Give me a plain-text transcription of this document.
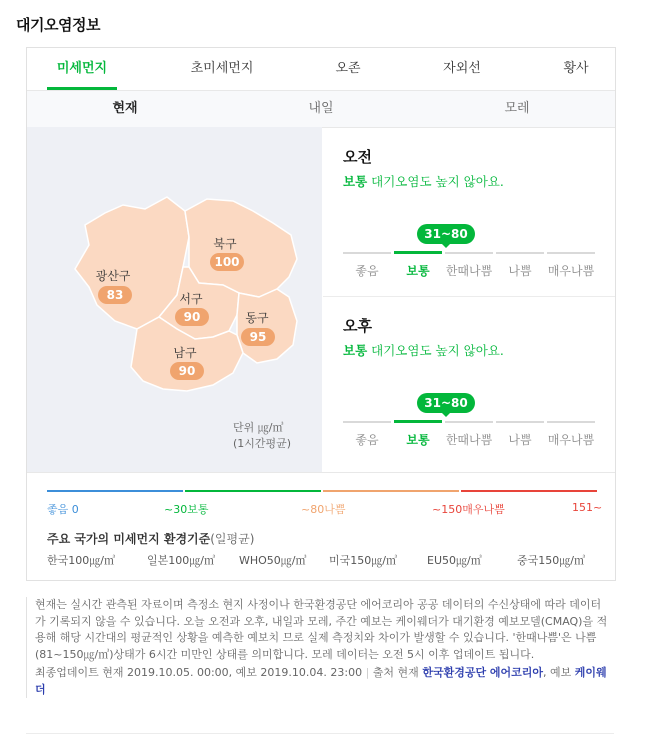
대기오염정보
미세먼지	초미세먼지	오존	자외선	황사
현재	내일	모레
광산구
83
북구
100
서구
90	동구
95
남구
90
단위 ㎍/㎥
(1시간평균)
오전
보통 대기오염도 높지 않아요.
31~80
좋음	보통	한때나쁨	나쁨	매우나쁨
오후
보통 대기오염도 높지 않아요.
31~80
좋음	보통	한때나쁨	나쁨	매우나쁨
좋음 0	~30보통	~80나쁨	~150매우나쁨	151~
주요 국가의 미세먼지 환경기준(일평균)
한국100㎍/㎥	일본100㎍/㎥ WHO50㎍/㎥ 미국150㎍/㎥	EU50㎍/㎥	중국150㎍/㎥
현재는 실시간 관측된 자료이며 측정소 현지 사정이나 한국환경공단 에어코리아 공공 데이터의 수신상태에 따라 데이터가 기록되지 않을 수 있습니다. 오늘 오전과 오후, 내일과 모레, 주간 예보는 케이웨더가 대기환경 예보모델(CMAQ)을 적용해 해당 시간대의 평균적인 상황을 예측한 예보치 므로 실제 측정치와 차이가 발생할 수 있습니다. '한때나쁨'은 나쁨(81~150㎍/㎥)상태가 6시간 미만인 상태를 의미합니다. 모레 데이터는 오전 5시 이후 업데이트 됩니다.
최종업데이트 현재 2019.10.05. 00:00, 예보 2019.10.04. 23:00 | 출처 현재 한국환경공단 에어코리아, 예보 케이웨더
